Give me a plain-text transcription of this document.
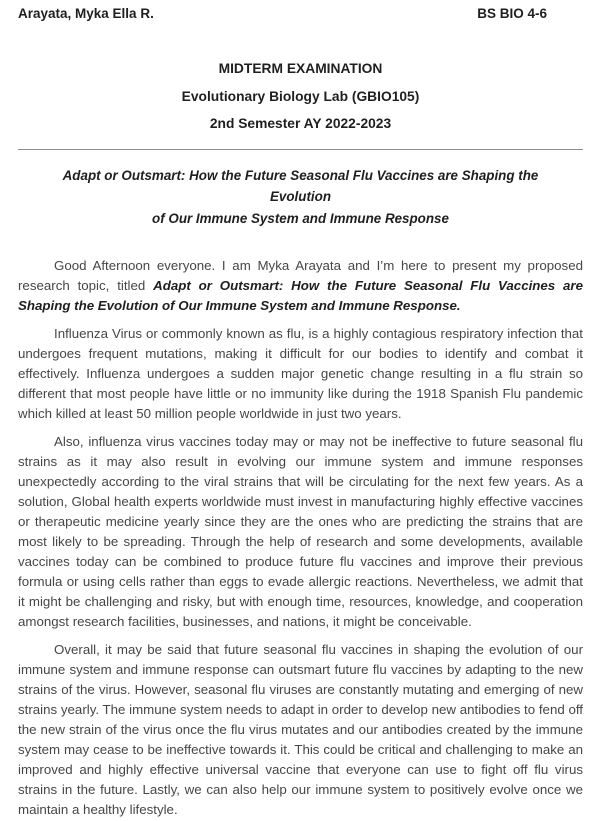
Arayata, Myka Ella R.	BS BIO 4-6
MIDTERM EXAMINATION
Evolutionary Biology Lab (GBIO105)
2nd Semester AY 2022-2023
Adapt or Outsmart: How the Future Seasonal Flu Vaccines are Shaping the Evolution
of Our Immune System and Immune Response

Good Afternoon everyone. I am Myka Arayata and I’m here to present my proposed research topic, titled Adapt or Outsmart: How the Future Seasonal Flu Vaccines are Shaping the Evolution of Our Immune System and Immune Response.

Influenza Virus or commonly known as flu, is a highly contagious respiratory infection that undergoes frequent mutations, making it difficult for our bodies to identify and combat it effectively. Influenza undergoes a sudden major genetic change resulting in a flu strain so different that most people have little or no immunity like during the 1918 Spanish Flu pandemic which killed at least 50 million people worldwide in just two years.

Also, influenza virus vaccines today may or may not be ineffective to future seasonal flu strains as it may also result in evolving our immune system and immune responses unexpectedly according to the viral strains that will be circulating for the next few years. As a solution, Global health experts worldwide must invest in manufacturing highly effective vaccines or therapeutic medicine yearly since they are the ones who are predicting the strains that are most likely to be spreading. Through the help of research and some developments, available vaccines today can be combined to produce future flu vaccines and improve their previous formula or using cells rather than eggs to evade allergic reactions. Nevertheless, we admit that it might be challenging and risky, but with enough time, resources, knowledge, and cooperation amongst research facilities, businesses, and nations, it might be conceivable.

Overall, it may be said that future seasonal flu vaccines in shaping the evolution of our immune system and immune response can outsmart future flu vaccines by adapting to the new strains of the virus. However, seasonal flu viruses are constantly mutating and emerging of new strains yearly. The immune system needs to adapt in order to develop new antibodies to fend off the new strain of the virus once the flu virus mutates and our antibodies created by the immune system may cease to be ineffective towards it. This could be critical and challenging to make an improved and highly effective universal vaccine that everyone can use to fight off flu virus strains in the future. Lastly, we can also help our immune system to positively evolve once we maintain a healthy lifestyle.
